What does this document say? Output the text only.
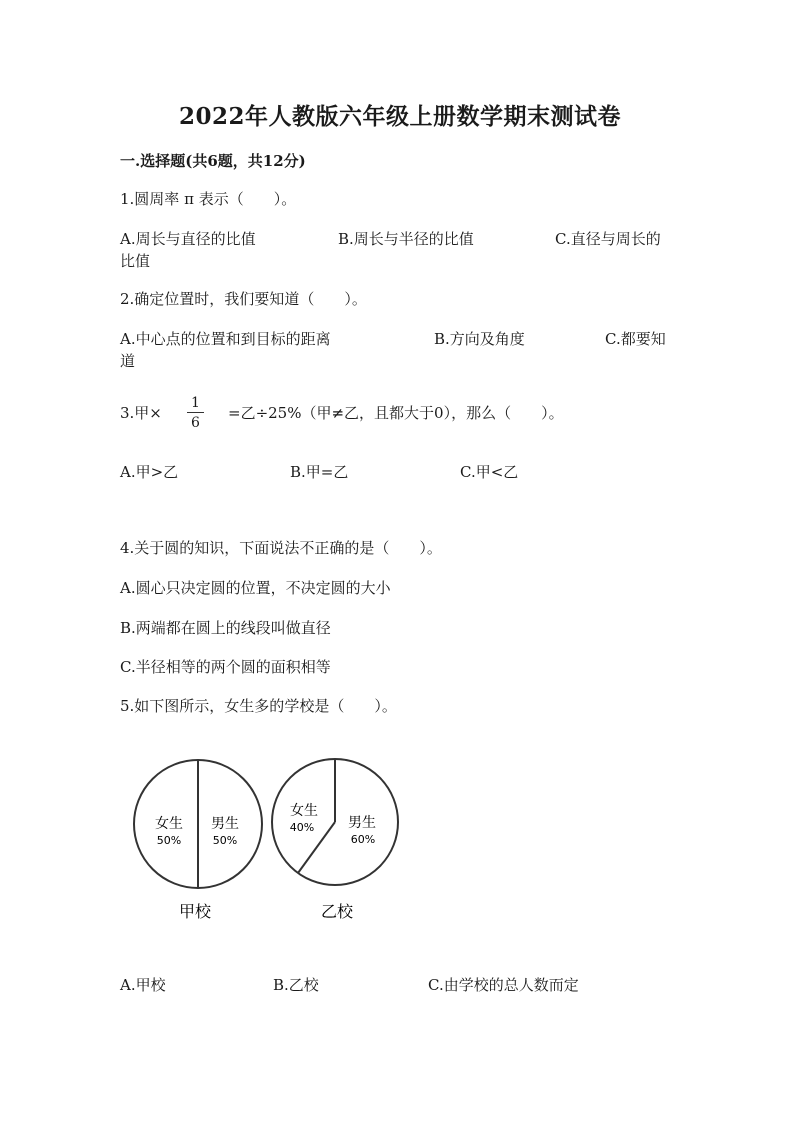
2022年人教版六年级上册数学期末测试卷
一.选择题(共6题，共12分)
1.圆周率 π 表示（　　）。
A.周长与直径的比值	B.周长与半径的比值	C.直径与周长的
比值
2.确定位置时，我们要知道（　　）。
A.中心点的位置和到目标的距离	B.方向及角度	C.都要知
道
3.甲× $\frac{1}{6}$ =乙÷25%（甲≠乙，且都大于0），那么（　　）。
A.甲>乙	B.甲=乙	C.甲<乙
4.关于圆的知识，下面说法不正确的是（　　）。
A.圆心只决定圆的位置，不决定圆的大小
B.两端都在圆上的线段叫做直径
C.半径相等的两个圆的面积相等
5.如下图所示，女生多的学校是（　　）。
女生
50%
男生
50%
甲校
女生
40% 男生
60%
乙校
A.甲校	B.乙校	C.由学校的总人数而定
